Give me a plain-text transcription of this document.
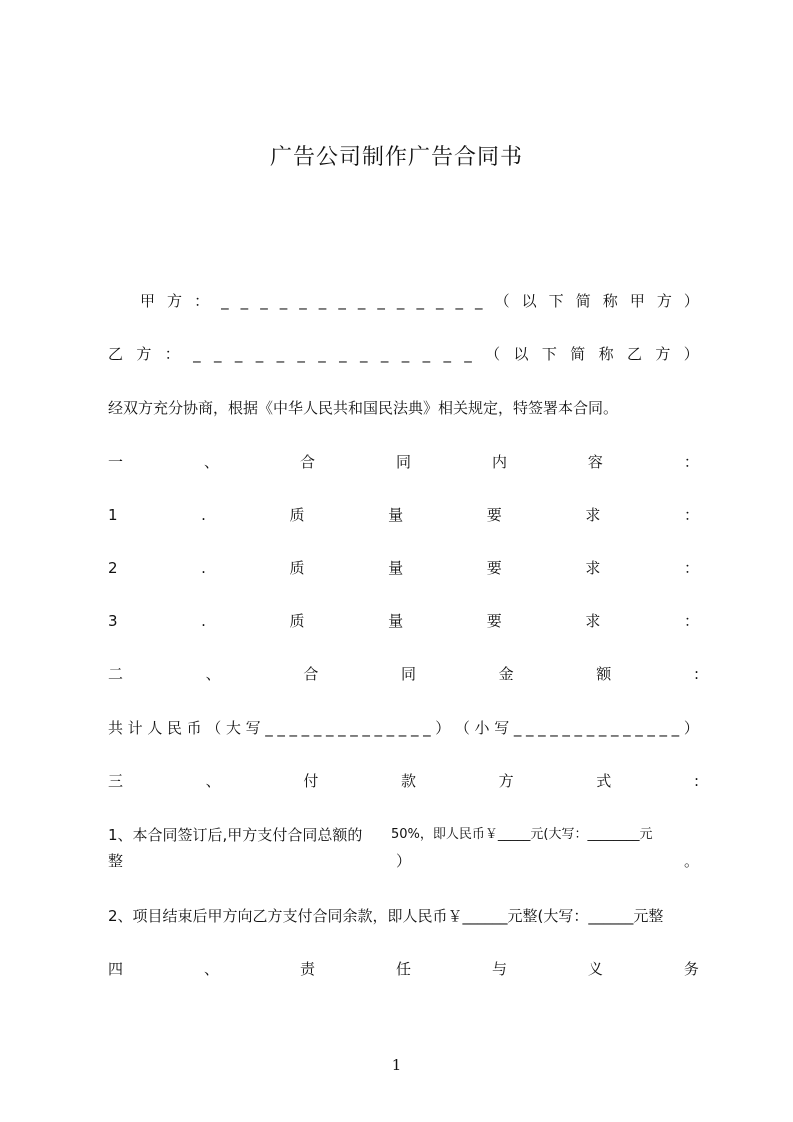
广告公司制作广告合同书
甲 方 ： _ _ _ _ _ _ _ _ _ _ _ _ _ _ （ 以 下 简 称 甲 方 ）
乙 方 ： _ _ _ _ _ _ _ _ _ _ _ _ _ _ （ 以 下 简 称 乙 方 ）
经双方充分协商，根据《中华人民共和国民法典》相关规定，特签署本合同。
一	、	合	同	内	容	：
1	.	质	量	要	求	：
2	.	质	量	要	求	：
3	.	质	量	要	求	：
二	、	合	同	金	额	:
共 计 人 民 币 （ 大 写 _ _ _ _ _ _ _ _ _ _ _ _ _ _ ） （ 小 写 _ _ _ _ _ _ _ _ _ _ _ _ _ _ ）
三	、	付	款	方	式	:
1、本合同签订后,甲方支付合同总额的 50%，即人民币￥_____元(大写：________元
整	）	。
2、项目结束后甲方向乙方支付合同余款，即人民币￥______元整(大写：______元整
四	、	责	任	与	义	务
1
